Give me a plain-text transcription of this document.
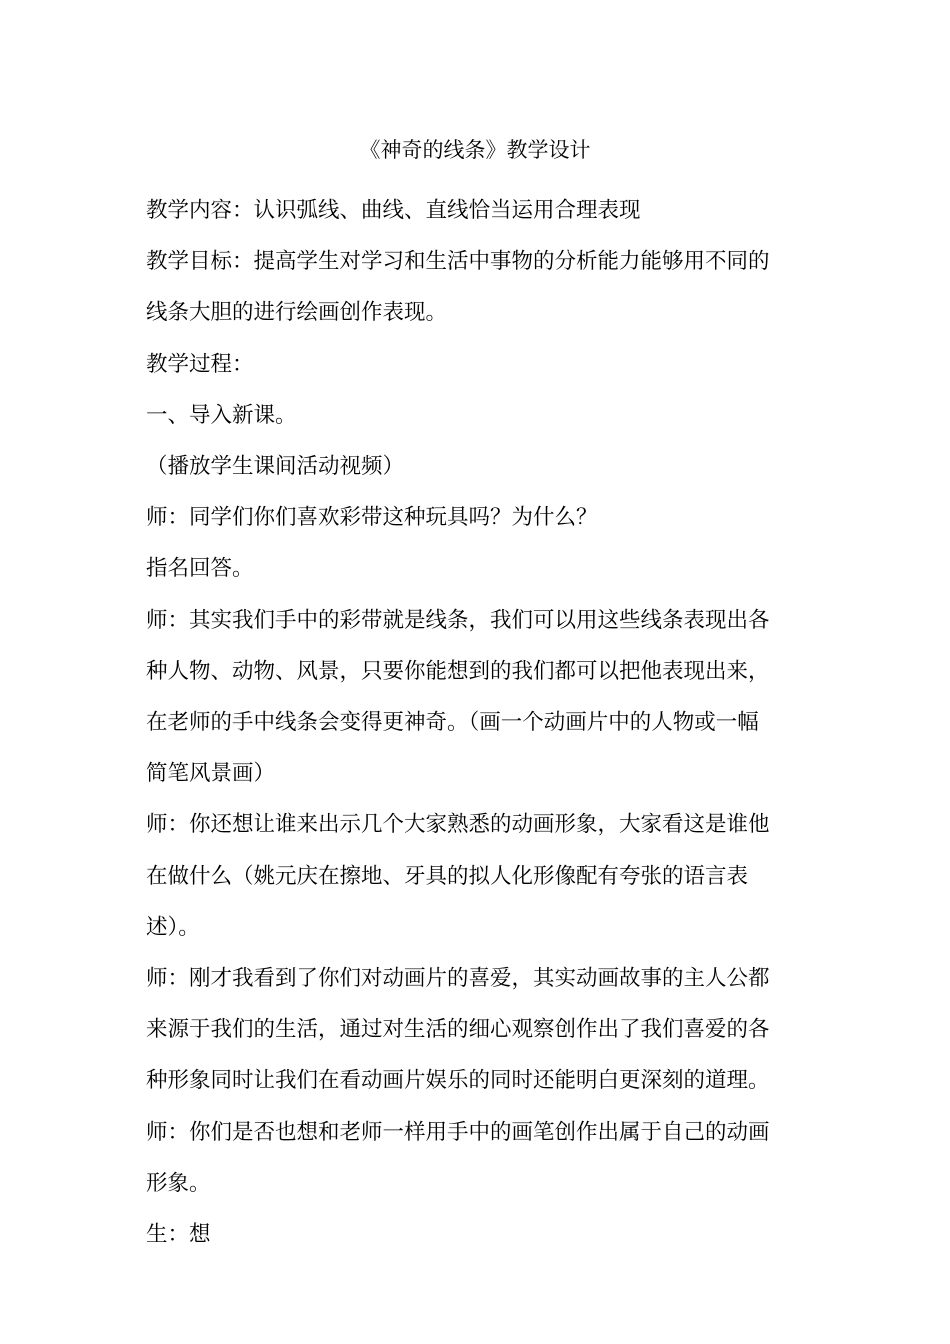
《神奇的线条》教学设计
教学内容：认识弧线、曲线、直线恰当运用合理表现
教学目标：提高学生对学习和生活中事物的分析能力能够用不同的
线条大胆的进行绘画创作表现。
教学过程：
一、导入新课。
（播放学生课间活动视频）
师：同学们你们喜欢彩带这种玩具吗？为什么？
指名回答。
师：其实我们手中的彩带就是线条，我们可以用这些线条表现出各
种人物、动物、风景，只要你能想到的我们都可以把他表现出来，
在老师的手中线条会变得更神奇。（画一个动画片中的人物或一幅
简笔风景画）
师：你还想让谁来出示几个大家熟悉的动画形象，大家看这是谁他
在做什么（姚元庆在擦地、牙具的拟人化形像配有夸张的语言表
述）。
师：刚才我看到了你们对动画片的喜爱，其实动画故事的主人公都
来源于我们的生活，通过对生活的细心观察创作出了我们喜爱的各
种形象同时让我们在看动画片娱乐的同时还能明白更深刻的道理。
师：你们是否也想和老师一样用手中的画笔创作出属于自己的动画
形象。
生：想
